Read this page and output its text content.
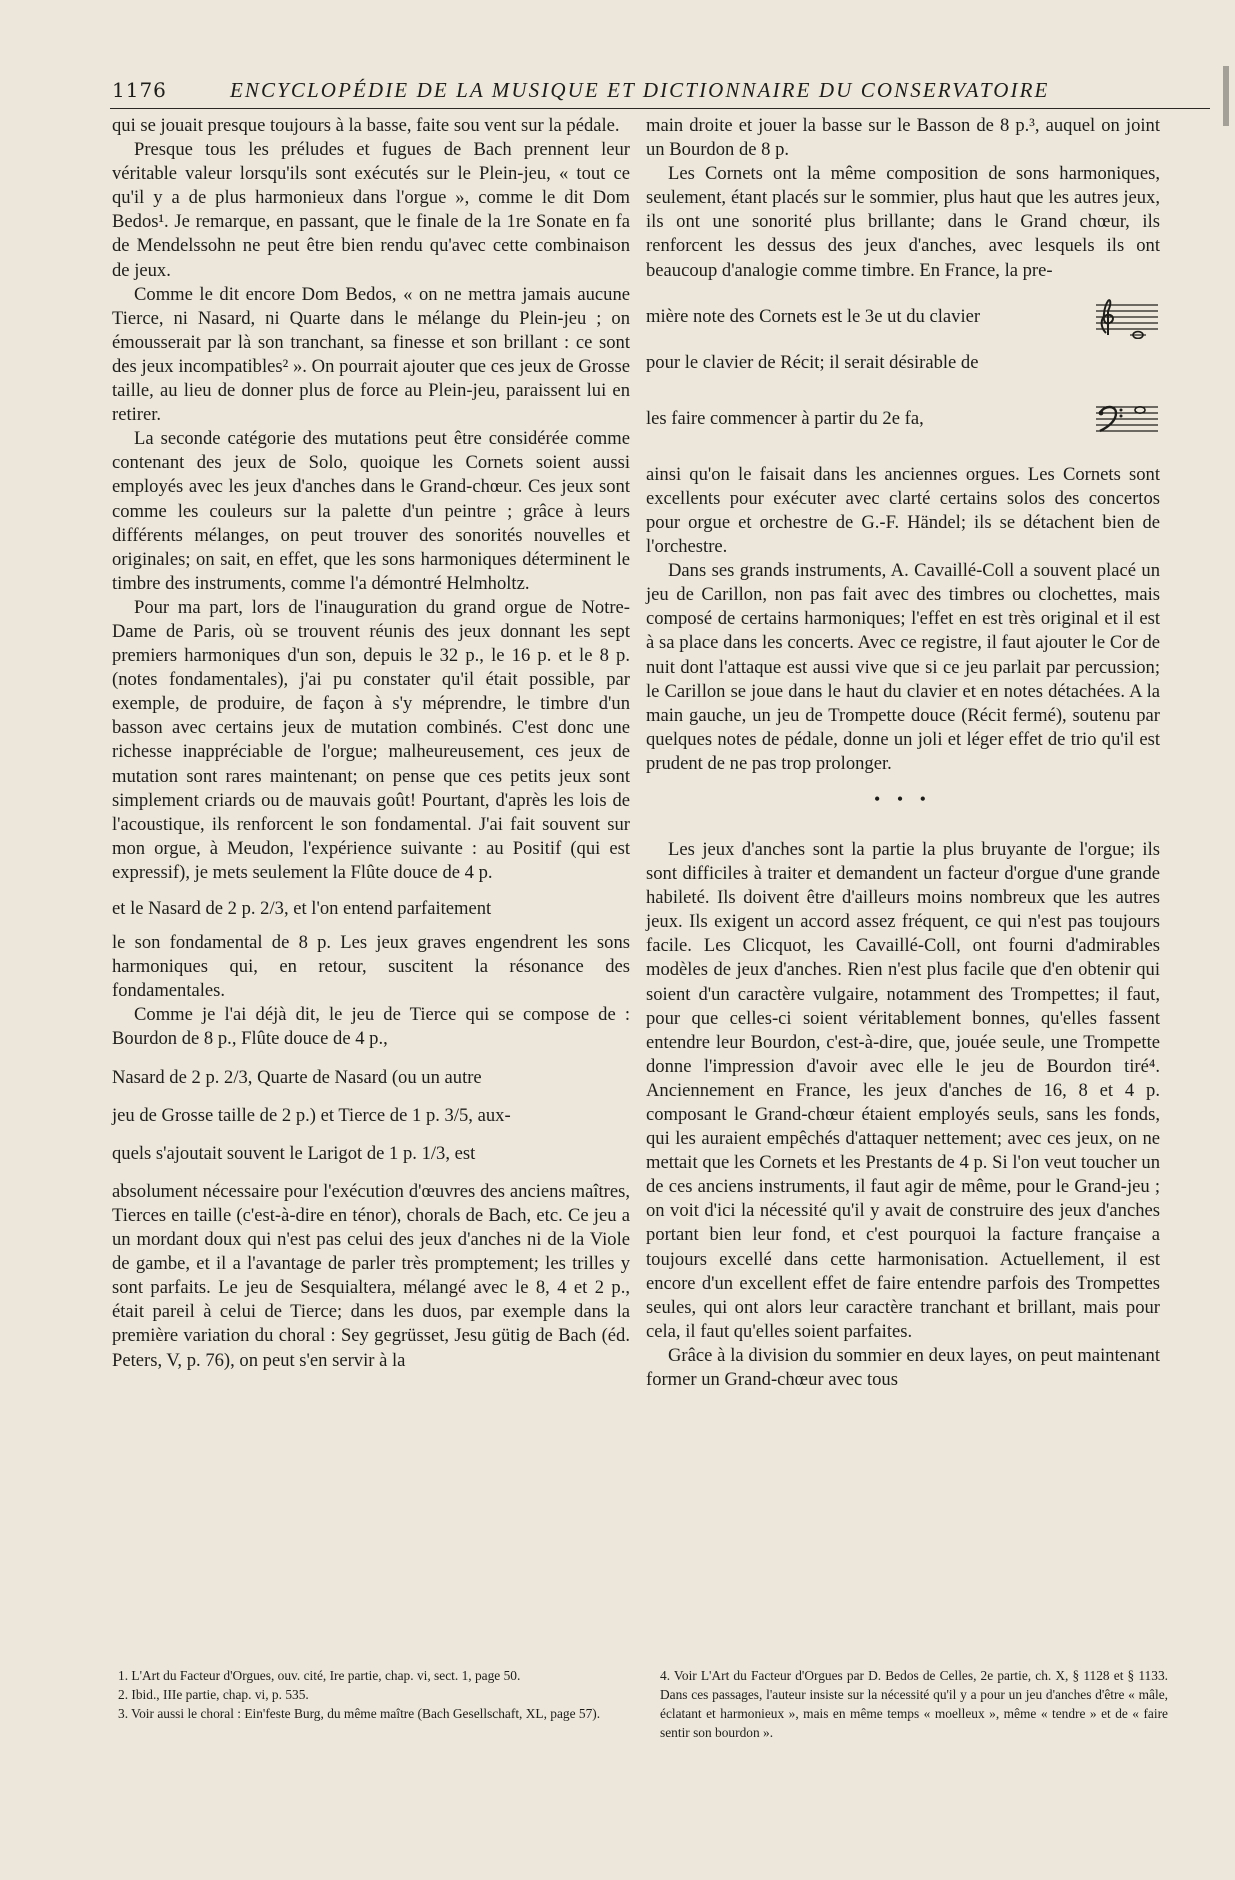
1176	ENCYCLOPÉDIE DE LA MUSIQUE ET DICTIONNAIRE DU CONSERVATOIRE

qui se jouait presque toujours à la basse, faite sou vent sur la pédale.

Presque tous les préludes et fugues de Bach prennent leur véritable valeur lorsqu'ils sont exécutés sur le Plein-jeu, « tout ce qu'il y a de plus harmonieux dans l'orgue », comme le dit Dom Bedos¹. Je remarque, en passant, que le finale de la 1re Sonate en fa de Mendelssohn ne peut être bien rendu qu'avec cette combinaison de jeux.

Comme le dit encore Dom Bedos, « on ne mettra jamais aucune Tierce, ni Nasard, ni Quarte dans le mélange du Plein-jeu ; on émousserait par là son tranchant, sa finesse et son brillant : ce sont des jeux incompatibles² ». On pourrait ajouter que ces jeux de Grosse taille, au lieu de donner plus de force au Plein-jeu, paraissent lui en retirer.

La seconde catégorie des mutations peut être considérée comme contenant des jeux de Solo, quoique les Cornets soient aussi employés avec les jeux d'anches dans le Grand-chœur. Ces jeux sont comme les couleurs sur la palette d'un peintre ; grâce à leurs différents mélanges, on peut trouver des sonorités nouvelles et originales; on sait, en effet, que les sons harmoniques déterminent le timbre des instruments, comme l'a démontré Helmholtz.

Pour ma part, lors de l'inauguration du grand orgue de Notre-Dame de Paris, où se trouvent réunis des jeux donnant les sept premiers harmoniques d'un son, depuis le 32 p., le 16 p. et le 8 p. (notes fondamentales), j'ai pu constater qu'il était possible, par exemple, de produire, de façon à s'y méprendre, le timbre d'un basson avec certains jeux de mutation combinés. C'est donc une richesse inappréciable de l'orgue; malheureusement, ces jeux de mutation sont rares maintenant; on pense que ces petits jeux sont simplement criards ou de mauvais goût! Pourtant, d'après les lois de l'acoustique, ils renforcent le son fondamental. J'ai fait souvent sur mon orgue, à Meudon, l'expérience suivante : au Positif (qui est expressif), je mets seulement la Flûte douce de 4 p.

et le Nasard de 2 p. 2/3, et l'on entend parfaitement

le son fondamental de 8 p. Les jeux graves engendrent les sons harmoniques qui, en retour, suscitent la résonance des fondamentales.

Comme je l'ai déjà dit, le jeu de Tierce qui se compose de : Bourdon de 8 p., Flûte douce de 4 p.,

Nasard de 2 p. 2/3, Quarte de Nasard (ou un autre

jeu de Grosse taille de 2 p.) et Tierce de 1 p. 3/5, aux-

quels s'ajoutait souvent le Larigot de 1 p. 1/3, est

absolument nécessaire pour l'exécution d'œuvres des anciens maîtres, Tierces en taille (c'est-à-dire en ténor), chorals de Bach, etc. Ce jeu a un mordant doux qui n'est pas celui des jeux d'anches ni de la Viole de gambe, et il a l'avantage de parler très promptement; les trilles y sont parfaits. Le jeu de Sesquialtera, mélangé avec le 8, 4 et 2 p., était pareil à celui de Tierce; dans les duos, par exemple dans la première variation du choral : Sey gegrüsset, Jesu gütig de Bach (éd. Peters, V, p. 76), on peut s'en servir à la

main droite et jouer la basse sur le Basson de 8 p.³, auquel on joint un Bourdon de 8 p.

Les Cornets ont la même composition de sons harmoniques, seulement, étant placés sur le sommier, plus haut que les autres jeux, ils ont une sonorité plus brillante; dans le Grand chœur, ils renforcent les dessus des jeux d'anches, avec lesquels ils ont beaucoup d'analogie comme timbre. En France, la pre-

mière note des Cornets est le 3e ut du clavier

pour le clavier de Récit; il serait désirable de

les faire commencer à partir du 2e fa,

ainsi qu'on le faisait dans les anciennes orgues. Les Cornets sont excellents pour exécuter avec clarté certains solos des concertos pour orgue et orchestre de G.-F. Händel; ils se détachent bien de l'orchestre.

Dans ses grands instruments, A. Cavaillé-Coll a souvent placé un jeu de Carillon, non pas fait avec des timbres ou clochettes, mais composé de certains harmoniques; l'effet en est très original et il est à sa place dans les concerts. Avec ce registre, il faut ajouter le Cor de nuit dont l'attaque est aussi vive que si ce jeu parlait par percussion; le Carillon se joue dans le haut du clavier et en notes détachées. A la main gauche, un jeu de Trompette douce (Récit fermé), soutenu par quelques notes de pédale, donne un joli et léger effet de trio qu'il est prudent de ne pas trop prolonger.

• • •

Les jeux d'anches sont la partie la plus bruyante de l'orgue; ils sont difficiles à traiter et demandent un facteur d'orgue d'une grande habileté. Ils doivent être d'ailleurs moins nombreux que les autres jeux. Ils exigent un accord assez fréquent, ce qui n'est pas toujours facile. Les Clicquot, les Cavaillé-Coll, ont fourni d'admirables modèles de jeux d'anches. Rien n'est plus facile que d'en obtenir qui soient d'un caractère vulgaire, notamment des Trompettes; il faut, pour que celles-ci soient véritablement bonnes, qu'elles fassent entendre leur Bourdon, c'est-à-dire, que, jouée seule, une Trompette donne l'impression d'avoir avec elle le jeu de Bourdon tiré⁴. Anciennement en France, les jeux d'anches de 16, 8 et 4 p. composant le Grand-chœur étaient employés seuls, sans les fonds, qui les auraient empêchés d'attaquer nettement; avec ces jeux, on ne mettait que les Cornets et les Prestants de 4 p. Si l'on veut toucher un de ces anciens instruments, il faut agir de même, pour le Grand-jeu ; on voit d'ici la nécessité qu'il y avait de construire des jeux d'anches portant bien leur fond, et c'est pourquoi la facture française a toujours excellé dans cette harmonisation. Actuellement, il est encore d'un excellent effet de faire entendre parfois des Trompettes seules, qui ont alors leur caractère tranchant et brillant, mais pour cela, il faut qu'elles soient parfaites.

Grâce à la division du sommier en deux layes, on peut maintenant former un Grand-chœur avec tous

1. L'Art du Facteur d'Orgues, ouv. cité, Ire partie, chap. vi, sect. 1, page 50.

2. Ibid., IIIe partie, chap. vi, p. 535.

3. Voir aussi le choral : Ein'feste Burg, du même maître (Bach Gesellschaft, XL, page 57).

4. Voir L'Art du Facteur d'Orgues par D. Bedos de Celles, 2e partie, ch. X, § 1128 et § 1133. Dans ces passages, l'auteur insiste sur la nécessité qu'il y a pour un jeu d'anches d'être « mâle, éclatant et harmonieux », mais en même temps « moelleux », même « tendre » et de « faire sentir son bourdon ».
